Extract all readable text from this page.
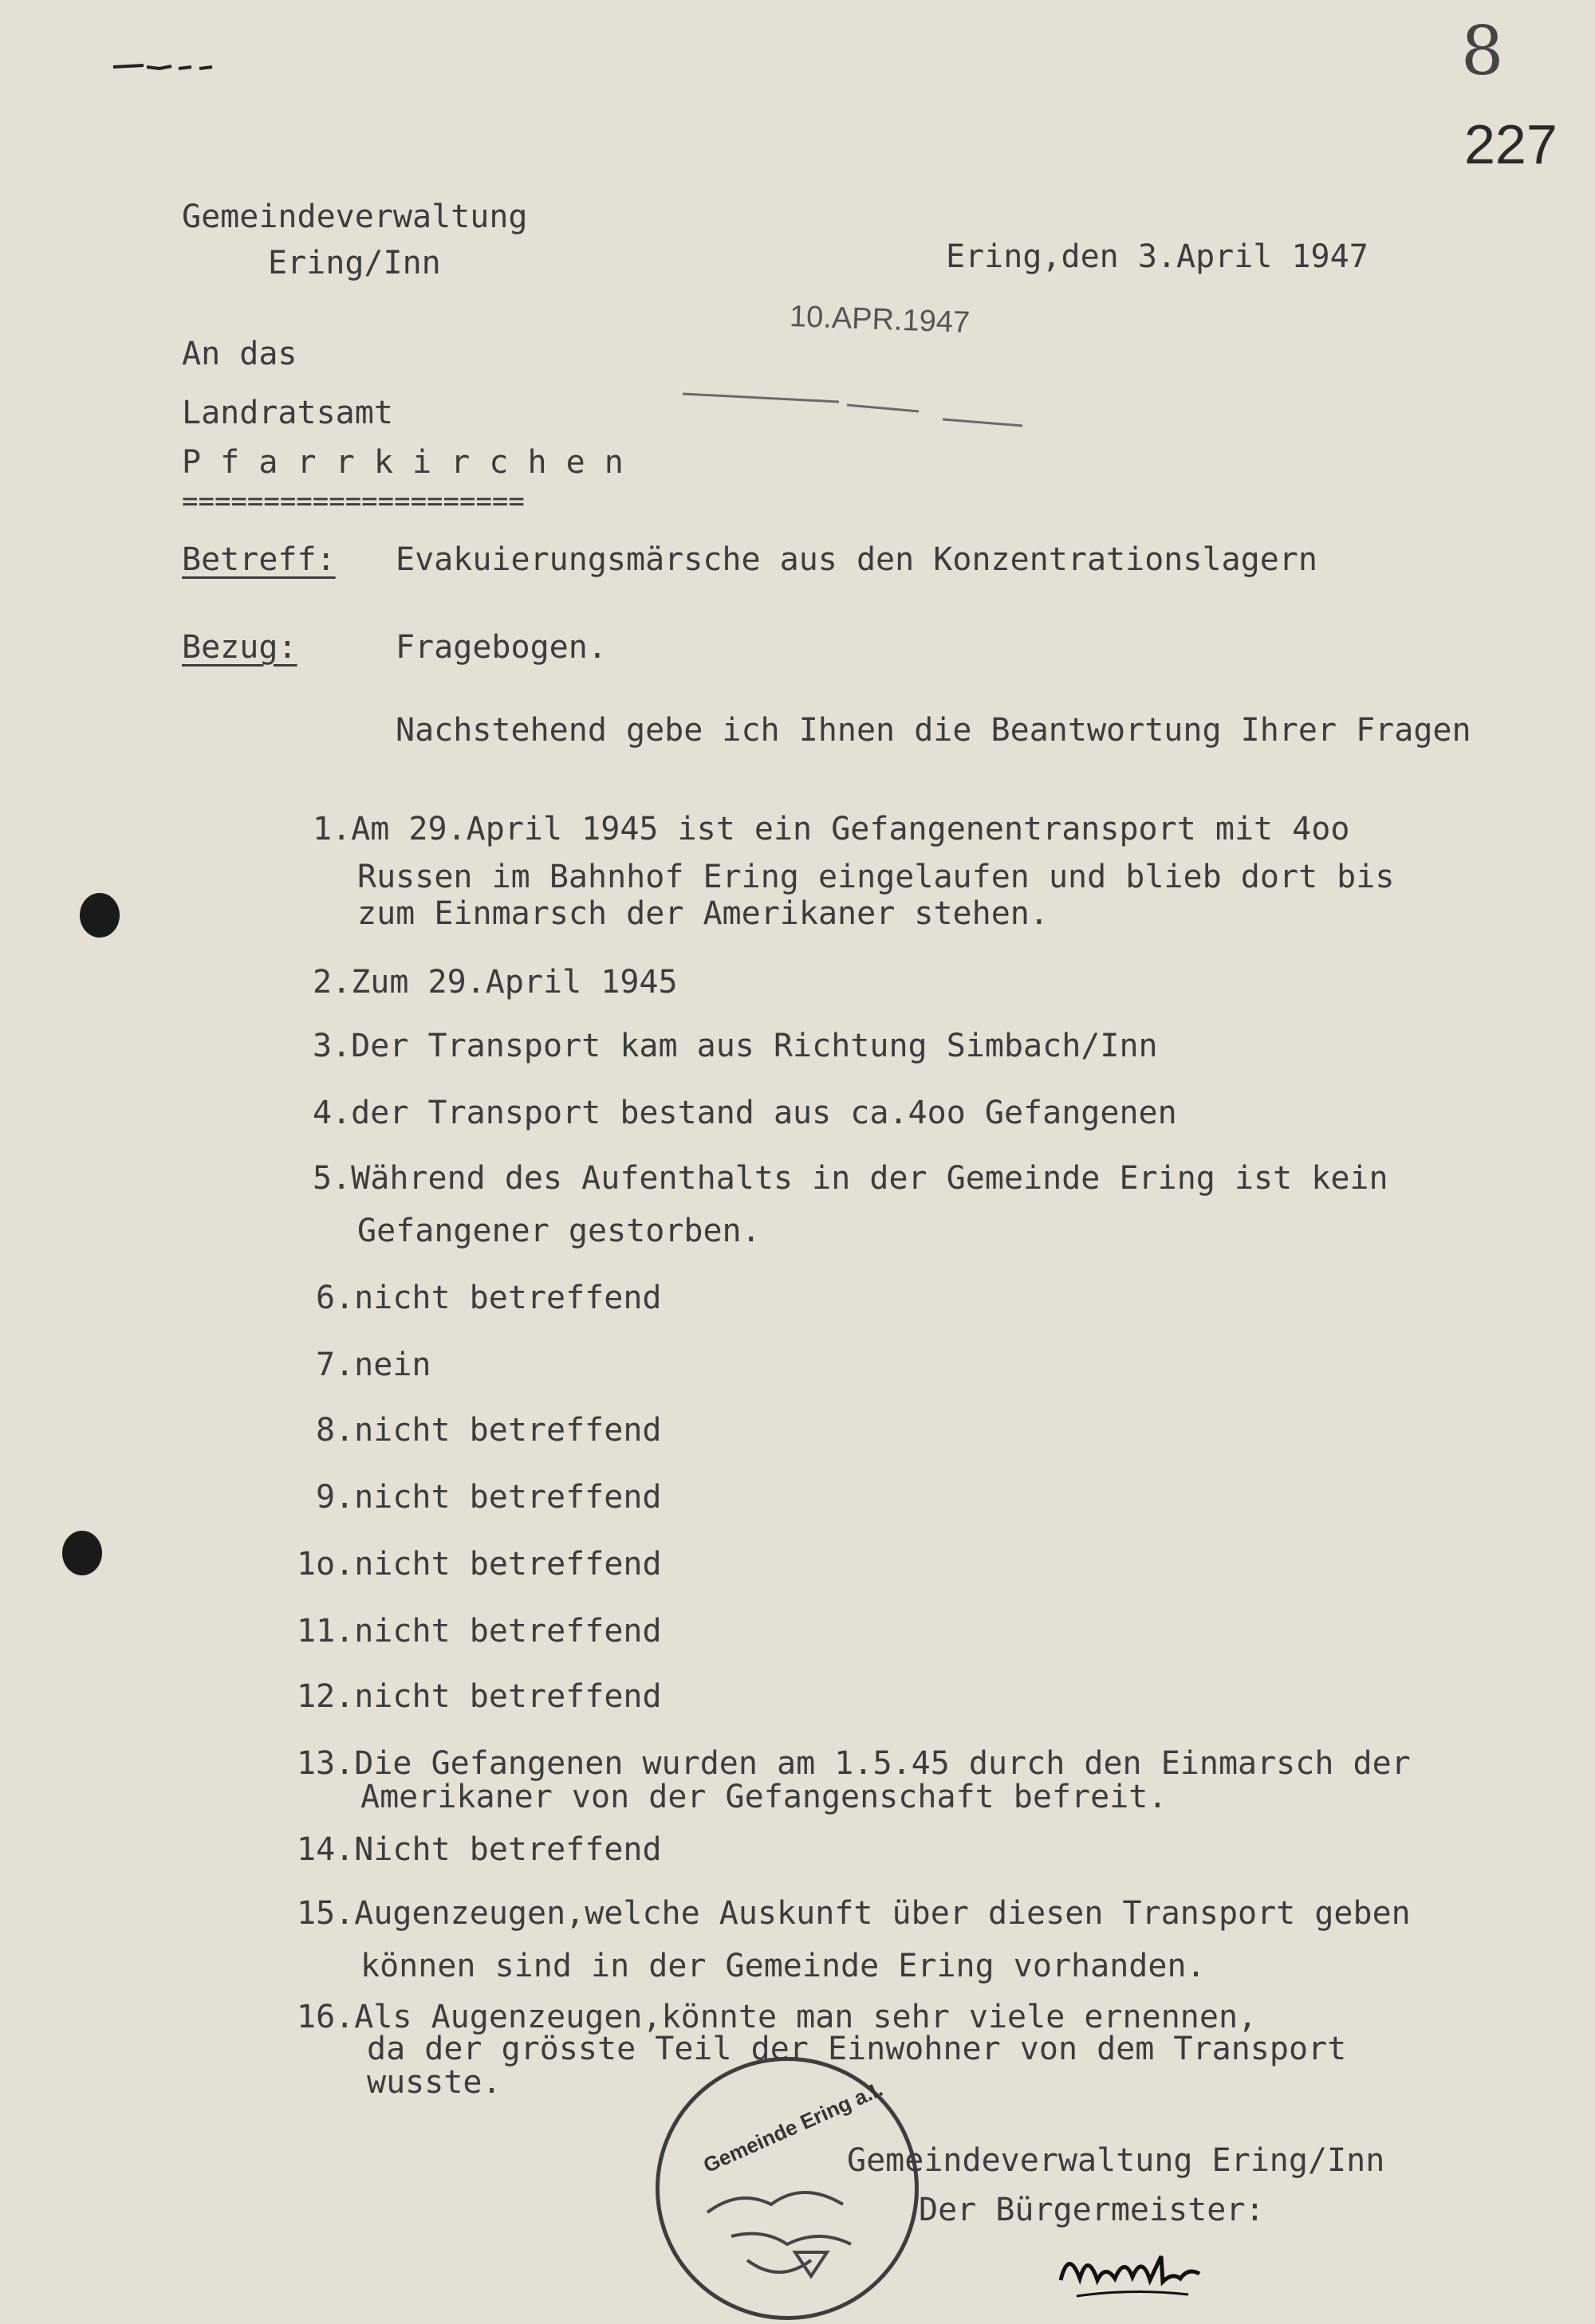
8
227
Gemeindeverwaltung
Ering/Inn	Ering,den 3.April 1947
10.APR.1947
An das
Landratsamt
P f a r r k i r c h e n
=====================
Betreff: Evakuierungsmärsche aus den Konzentrationslagern
Bezug:	Fragebogen.
Nachstehend gebe ich Ihnen die Beantwortung Ihrer Fragen
1.Am 29.April 1945 ist ein Gefangenentransport mit 4oo
Russen im Bahnhof Ering eingelaufen und blieb dort bis
zum Einmarsch der Amerikaner stehen.
2.Zum 29.April 1945
3.Der Transport kam aus Richtung Simbach/Inn
4.der Transport bestand aus ca.4oo Gefangenen
5.Während des Aufenthalts in der Gemeinde Ering ist kein
Gefangener gestorben.
6.nicht betreffend
7.nein
8.nicht betreffend
9.nicht betreffend
1o.nicht betreffend
11.nicht betreffend
12.nicht betreffend
13.Die Gefangenen wurden am 1.5.45 durch den Einmarsch der
Amerikaner von der Gefangenschaft befreit.
14.Nicht betreffend
15.Augenzeugen,welche Auskunft über diesen Transport geben
können sind in der Gemeinde Ering vorhanden.
16.Als Augenzeugen,könnte man sehr viele ernennen,
da der grösste Teil der Einwohner von dem Transport
wusste.	Gemeinde Ering a.I.
Gemeindeverwaltung Ering/Inn
Der Bürgermeister:
